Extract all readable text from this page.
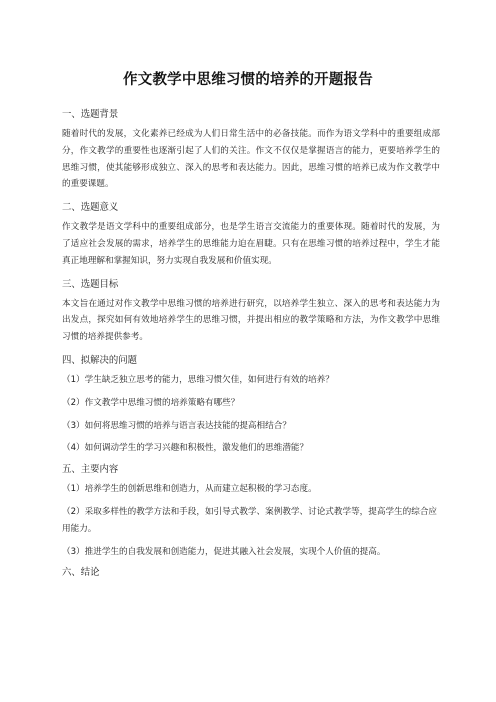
作文教学中思维习惯的培养的开题报告
一、选题背景
随着时代的发展，文化素养已经成为人们日常生活中的必备技能。而作为语文学科中的重要组成部分，作文教学的重要性也逐渐引起了人们的关注。作文不仅仅是掌握语言的能力，更要培养学生的思维习惯，使其能够形成独立、深入的思考和表达能力。因此，思维习惯的培养已成为作文教学中的重要课题。
二、选题意义
作文教学是语文学科中的重要组成部分，也是学生语言交流能力的重要体现。随着时代的发展，为了适应社会发展的需求，培养学生的思维能力迫在眉睫。只有在思维习惯的培养过程中，学生才能真正地理解和掌握知识，努力实现自我发展和价值实现。
三、选题目标
本文旨在通过对作文教学中思维习惯的培养进行研究，以培养学生独立、深入的思考和表达能力为出发点，探究如何有效地培养学生的思维习惯，并提出相应的教学策略和方法，为作文教学中思维习惯的培养提供参考。
四、拟解决的问题
（1）学生缺乏独立思考的能力，思维习惯欠佳，如何进行有效的培养？
（2）作文教学中思维习惯的培养策略有哪些？
（3）如何将思维习惯的培养与语言表达技能的提高相结合？
（4）如何调动学生的学习兴趣和积极性，激发他们的思维潜能？
五、主要内容
（1）培养学生的创新思维和创造力，从而建立起积极的学习态度。
（2）采取多样性的教学方法和手段，如引导式教学、案例教学、讨论式教学等，提高学生的综合应用能力。
（3）推进学生的自我发展和创造能力，促进其融入社会发展，实现个人价值的提高。
六、结论
